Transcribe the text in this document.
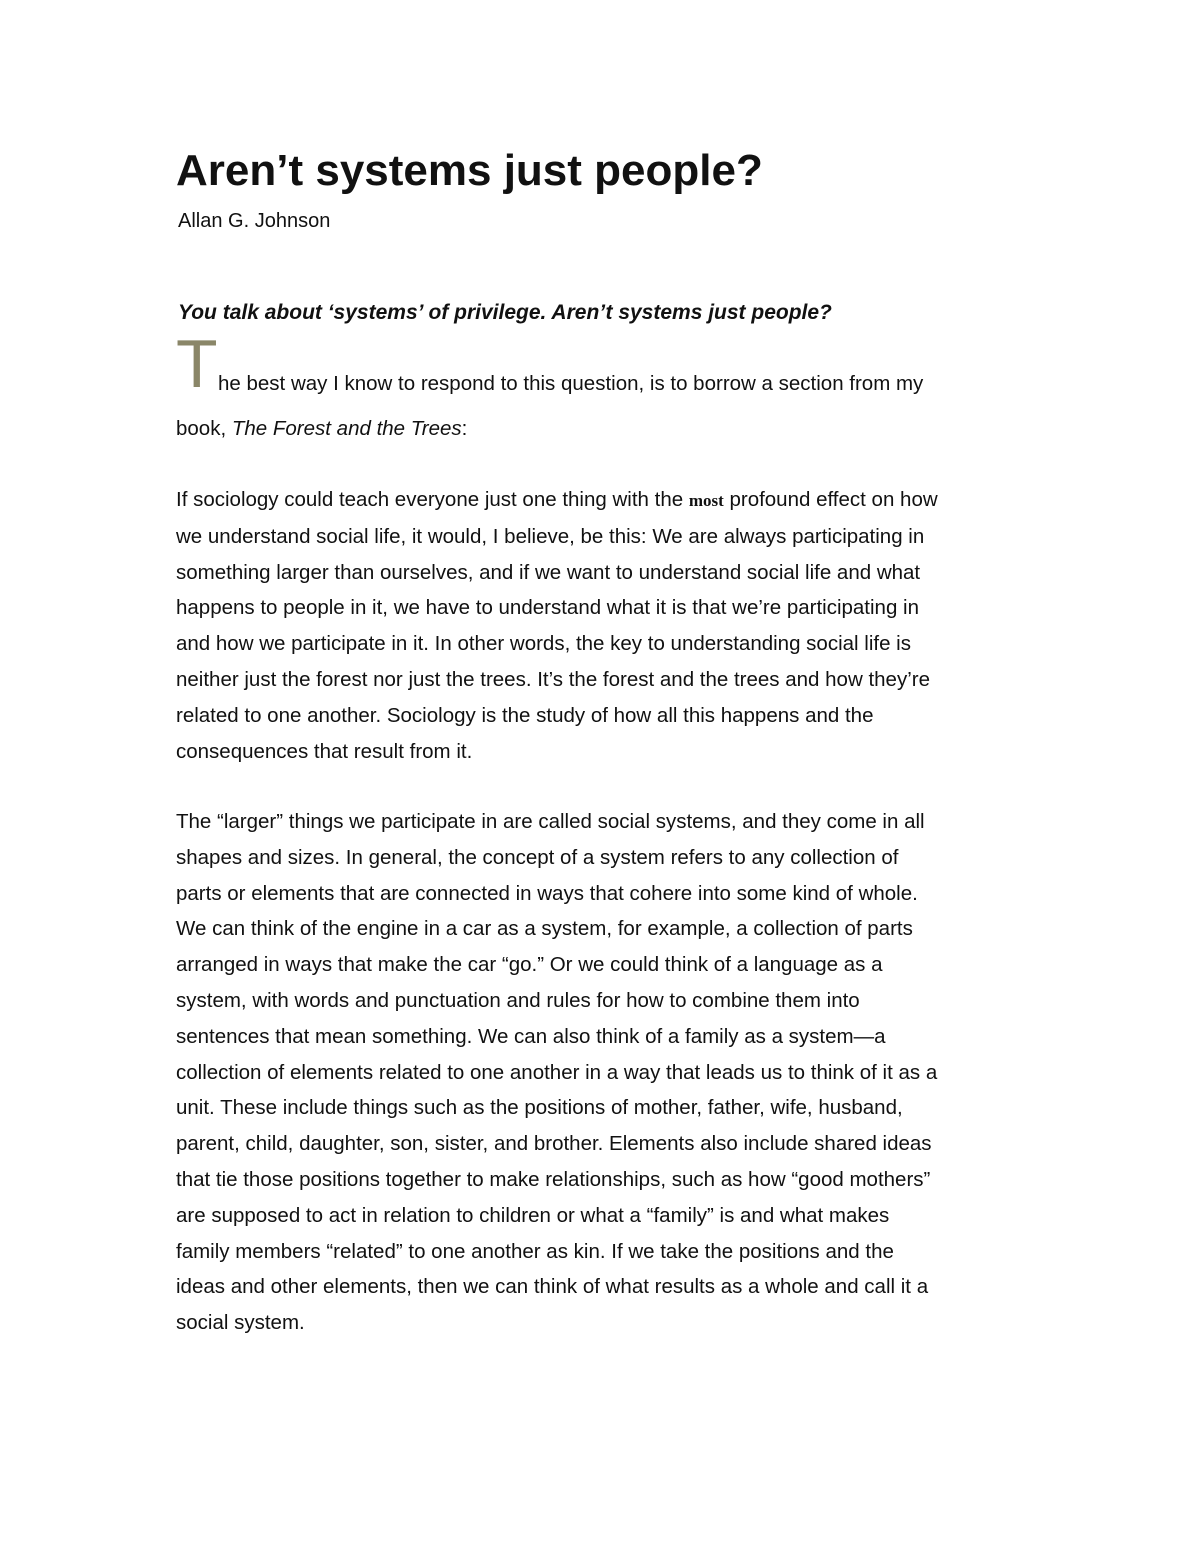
Aren’t systems just people?
Allan G. Johnson
You talk about ‘systems’ of privilege. Aren’t systems just people?
T he best way I know to respond to this question, is to borrow a section from my
book, The Forest and the Trees:
If sociology could teach everyone just one thing with the most profound effect on how
we understand social life, it would, I believe, be this: We are always participating in
something larger than ourselves, and if we want to understand social life and what
happens to people in it, we have to understand what it is that we’re participating in
and how we participate in it. In other words, the key to understanding social life is
neither just the forest nor just the trees. It’s the forest and the trees and how they’re
related to one another. Sociology is the study of how all this happens and the
consequences that result from it.
The “larger” things we participate in are called social systems, and they come in all
shapes and sizes. In general, the concept of a system refers to any collection of
parts or elements that are connected in ways that cohere into some kind of whole.
We can think of the engine in a car as a system, for example, a collection of parts
arranged in ways that make the car “go.” Or we could think of a language as a
system, with words and punctuation and rules for how to combine them into
sentences that mean something. We can also think of a family as a system—a
collection of elements related to one another in a way that leads us to think of it as a
unit. These include things such as the positions of mother, father, wife, husband,
parent, child, daughter, son, sister, and brother. Elements also include shared ideas
that tie those positions together to make relationships, such as how “good mothers”
are supposed to act in relation to children or what a “family” is and what makes
family members “related” to one another as kin. If we take the positions and the
ideas and other elements, then we can think of what results as a whole and call it a
social system.
